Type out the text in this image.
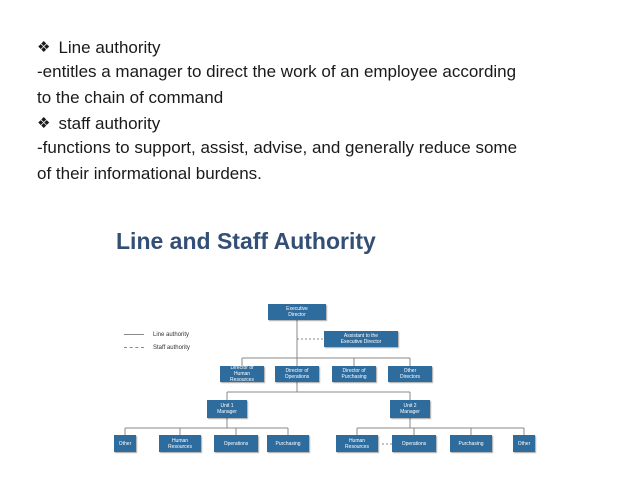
❖ Line authority
-entitles a manager to direct the work of an employee according
to the chain of command
❖ staff authority
-functions to support, assist, advise, and generally reduce some
of their informational burdens.
Line and Staff Authority
Line authority
Staff authority
Executive
Director
Assistant to the
Executive Director
Director of
Human
Resources
Director of
Operations
Director of
Purchasing
Other
Directors
Unit 1
Manager
Unit 2
Manager
Other	Human
Resources	Operations	Purchasing	Human
Resources	Operations	Purchasing	Other
